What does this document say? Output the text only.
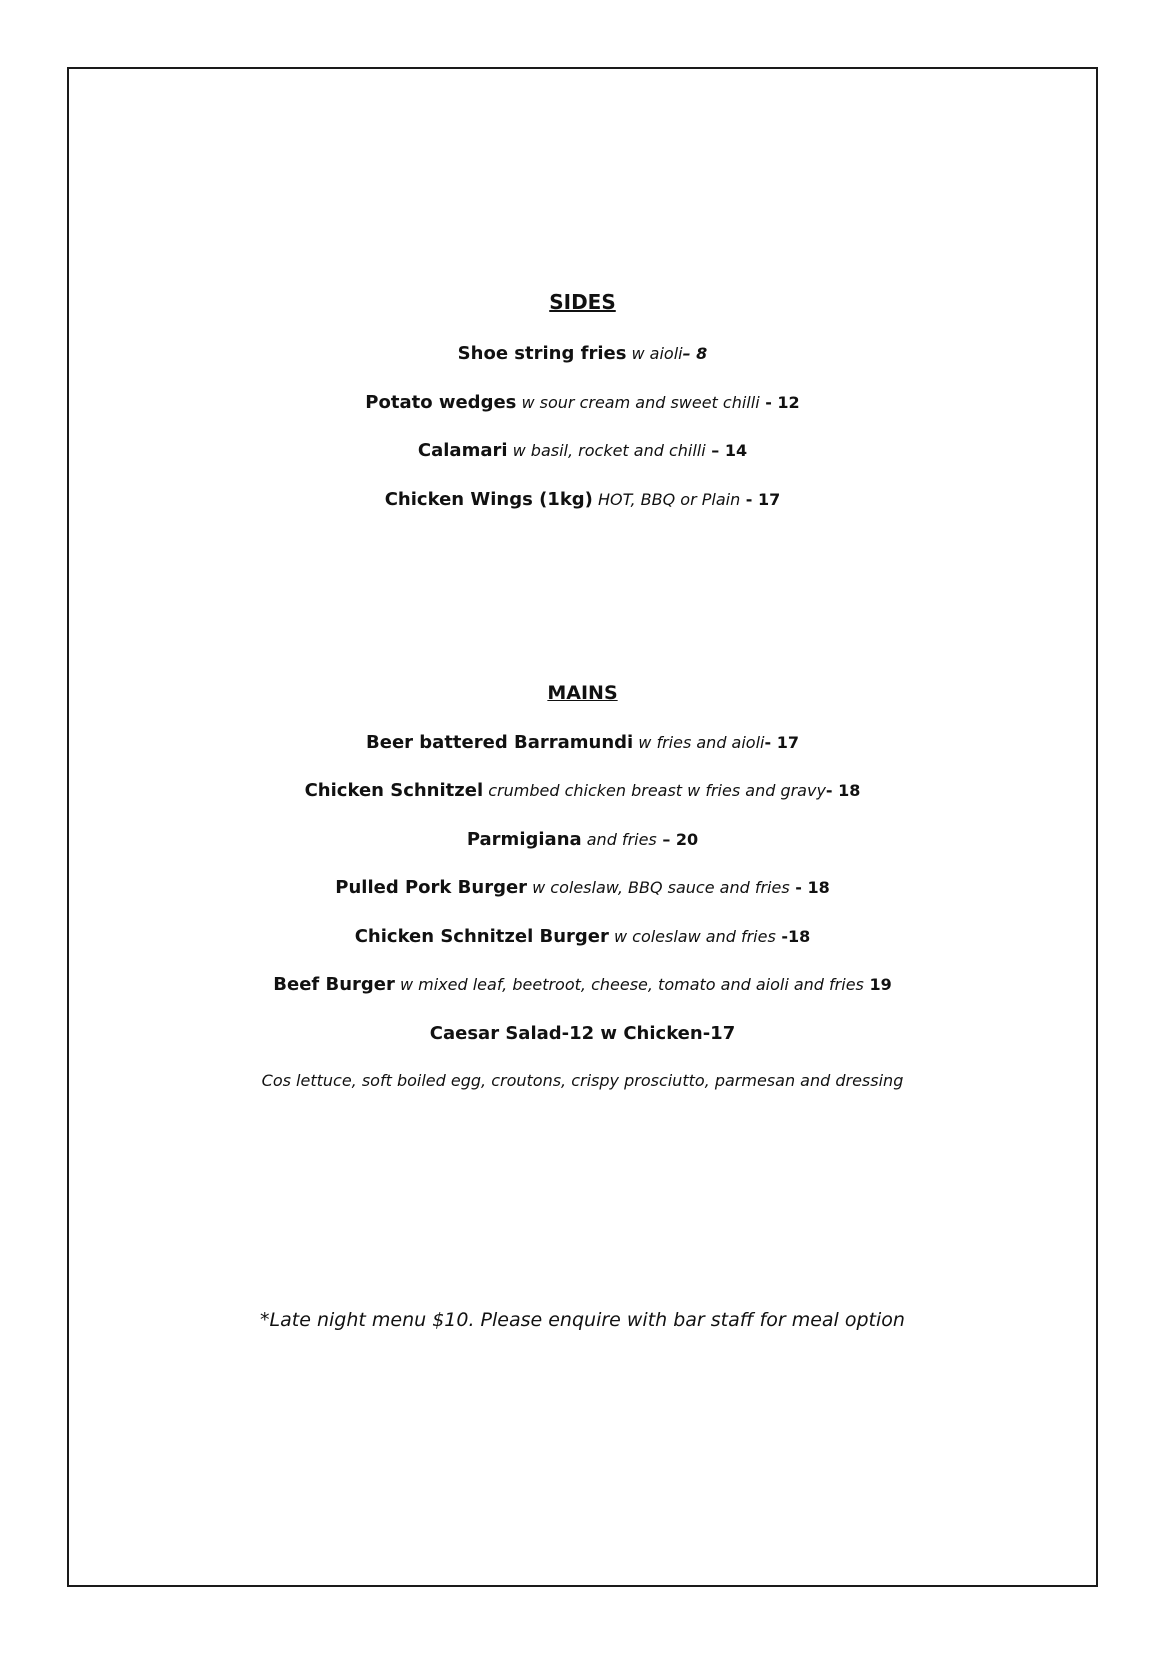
SIDES
Shoe string fries w aioli– 8
Potato wedges w sour cream and sweet chilli - 12
Calamari w basil, rocket and chilli – 14
Chicken Wings (1kg) HOT, BBQ or Plain - 17
MAINS
Beer battered Barramundi w fries and aioli- 17
Chicken Schnitzel crumbed chicken breast w fries and gravy- 18
Parmigiana and fries – 20
Pulled Pork Burger w coleslaw, BBQ sauce and fries - 18
Chicken Schnitzel Burger w coleslaw and fries -18
Beef Burger w mixed leaf, beetroot, cheese, tomato and aioli and fries 19
Caesar Salad-12 w Chicken-17
Cos lettuce, soft boiled egg, croutons, crispy prosciutto, parmesan and dressing
*Late night menu $10. Please enquire with bar staff for meal option
